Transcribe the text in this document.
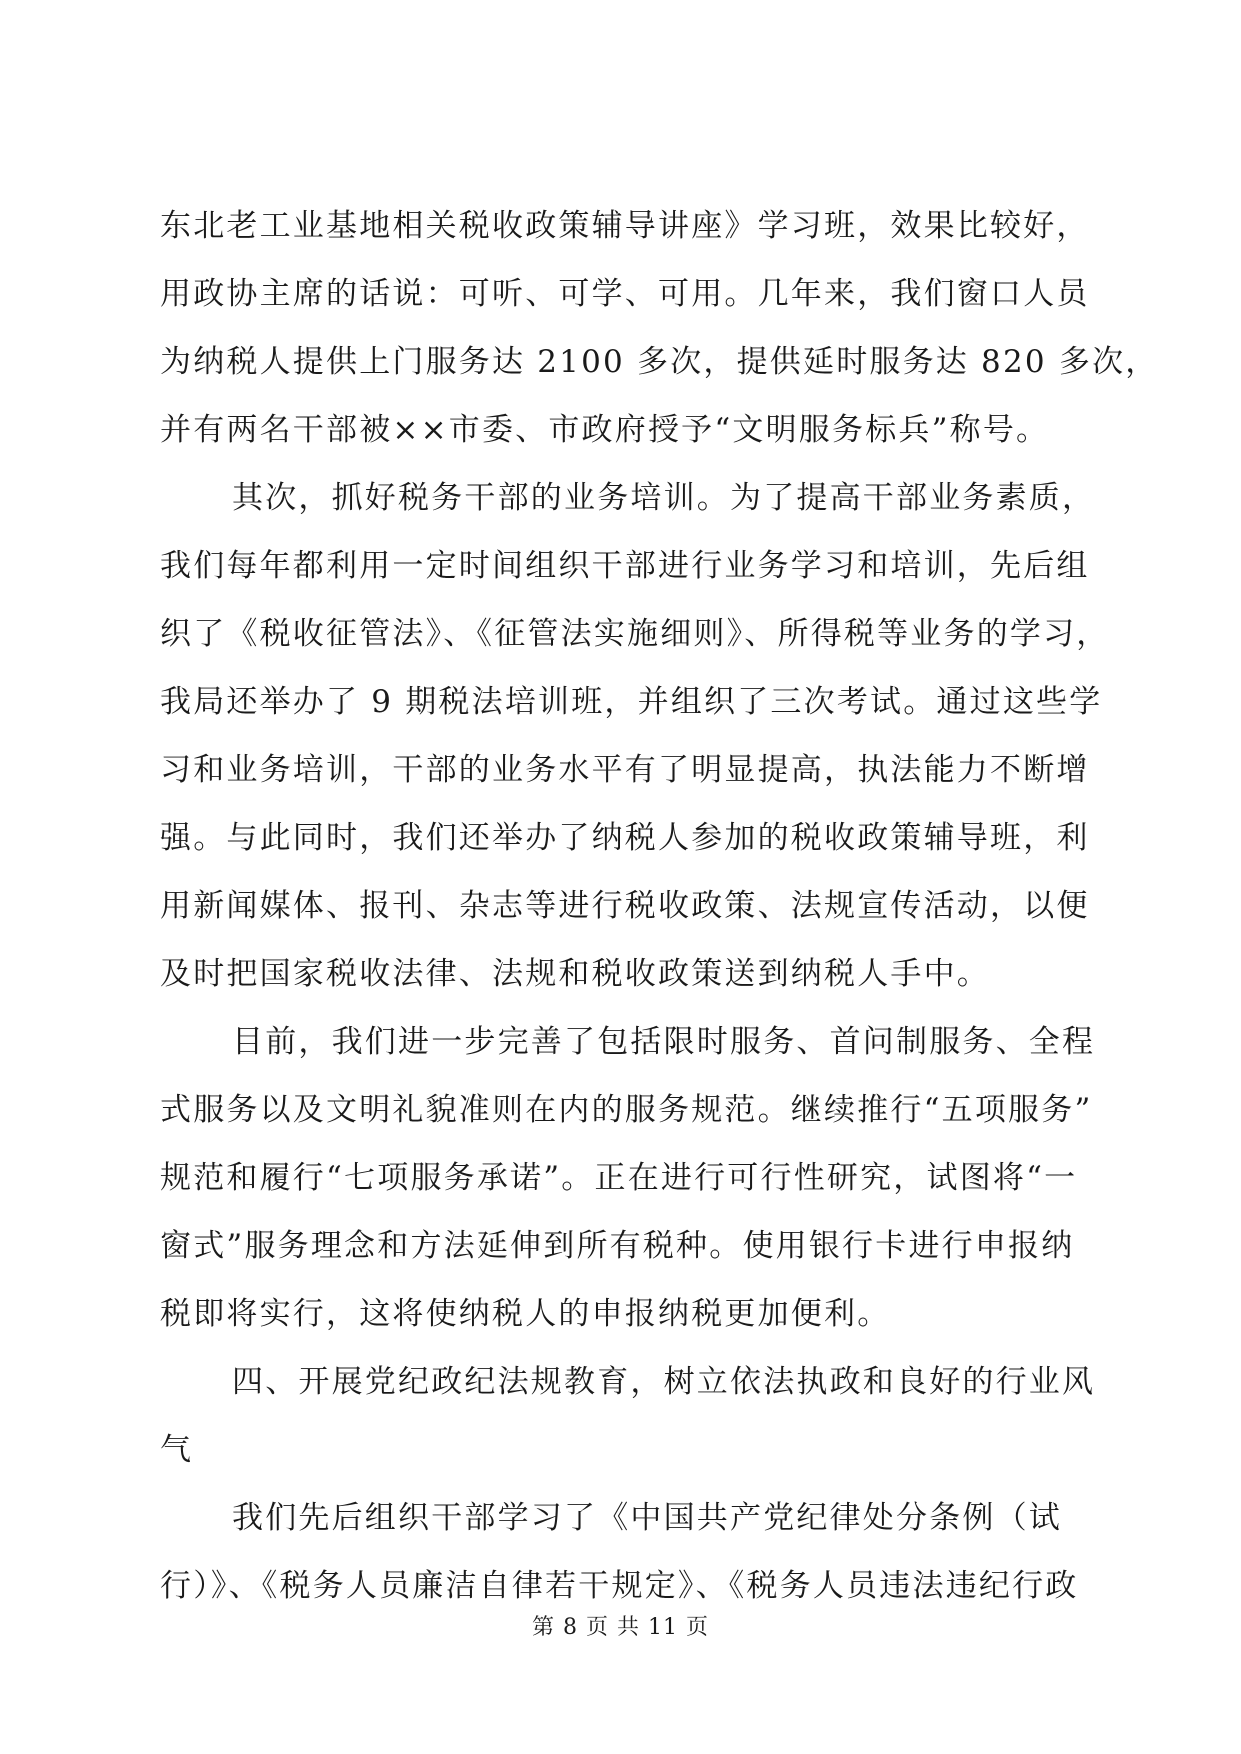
东北老工业基地相关税收政策辅导讲座》学习班，效果比较好，
用政协主席的话说：可听、可学、可用。几年来，我们窗口人员
为纳税人提供上门服务达 2100 多次，提供延时服务达 820 多次，
并有两名干部被××市委、市政府授予“文明服务标兵”称号。
其次，抓好税务干部的业务培训。为了提高干部业务素质，
我们每年都利用一定时间组织干部进行业务学习和培训，先后组
织了《税收征管法》、《征管法实施细则》、所得税等业务的学习，
我局还举办了 9 期税法培训班，并组织了三次考试。通过这些学
习和业务培训，干部的业务水平有了明显提高，执法能力不断增
强。与此同时，我们还举办了纳税人参加的税收政策辅导班，利
用新闻媒体、报刊、杂志等进行税收政策、法规宣传活动，以便
及时把国家税收法律、法规和税收政策送到纳税人手中。
目前，我们进一步完善了包括限时服务、首问制服务、全程
式服务以及文明礼貌准则在内的服务规范。继续推行“五项服务”
规范和履行“七项服务承诺”。正在进行可行性研究，试图将“一
窗式”服务理念和方法延伸到所有税种。使用银行卡进行申报纳
税即将实行，这将使纳税人的申报纳税更加便利。
四、开展党纪政纪法规教育，树立依法执政和良好的行业风
气
我们先后组织干部学习了《中国共产党纪律处分条例（试
行）》、《税务人员廉洁自律若干规定》、《税务人员违法违纪行政
第 8 页 共 11 页
